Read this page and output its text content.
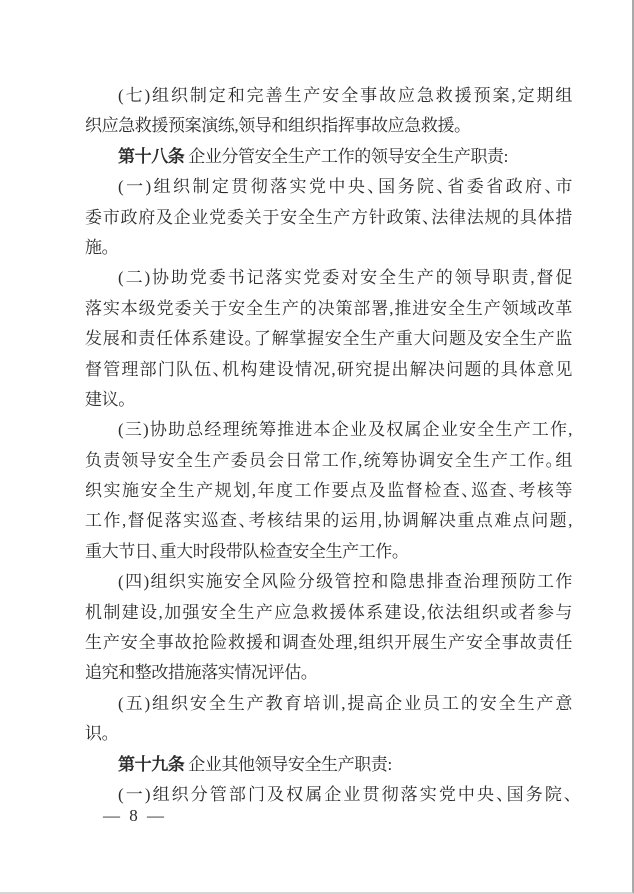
(七)组织制定和完善生产安全事故应急救援预案,定期组
织应急救援预案演练,领导和组织指挥事故应急救援。
第十八条 企业分管安全生产工作的领导安全生产职责:
(一)组织制定贯彻落实党中央、国务院、省委省政府、市
委市政府及企业党委关于安全生产方针政策、法律法规的具体措
施。
(二)协助党委书记落实党委对安全生产的领导职责,督促
落实本级党委关于安全生产的决策部署,推进安全生产领域改革
发展和责任体系建设。了解掌握安全生产重大问题及安全生产监
督管理部门队伍、机构建设情况,研究提出解决问题的具体意见
建议。
(三)协助总经理统筹推进本企业及权属企业安全生产工作,
负责领导安全生产委员会日常工作,统筹协调安全生产工作。组
织实施安全生产规划,年度工作要点及监督检查、巡查、考核等
工作,督促落实巡查、考核结果的运用,协调解决重点难点问题,
重大节日、重大时段带队检查安全生产工作。
(四)组织实施安全风险分级管控和隐患排查治理预防工作
机制建设,加强安全生产应急救援体系建设,依法组织或者参与
生产安全事故抢险救援和调查处理,组织开展生产安全事故责任
追究和整改措施落实情况评估。
(五)组织安全生产教育培训,提高企业员工的安全生产意
识。
第十九条 企业其他领导安全生产职责:
(一)组织分管部门及权属企业贯彻落实党中央、国务院、
— 8 —
